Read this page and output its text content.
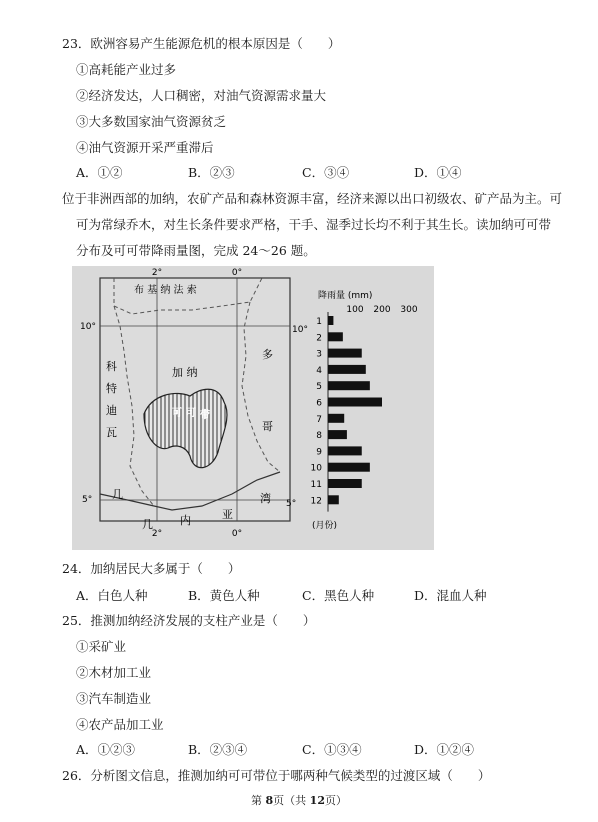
23．欧洲容易产生能源危机的根本原因是（　　）
①高耗能产业过多
②经济发达，人口稠密，对油气资源需求量大
③大多数国家油气资源贫乏
④油气资源开采严重滞后
A．①②	B．②③	C．③④	D．①④
位于非洲西部的加纳，农矿产品和森林资源丰富，经济来源以出口初级农、矿产品为主。可
可为常绿乔木，对生长条件要求严格，干手、湿季过长均不利于其生长。读加纳可可带
分布及可可带降雨量图，完成 24～26 题。
2°	0°
2°	0°
10°	10°
5°	5°
布 基 纳 法 索
科
特
迪
瓦
多
哥
加 纳
可 可 带
几
几 内	亚
湾
降雨量 (mm)
100 200 300
1
2
3
4
5
6
7
8
9
10
11
12
(月份)
24．加纳居民大多属于（　　）
A．白色人种	B．黄色人种	C．黑色人种	D．混血人种
25．推测加纳经济发展的支柱产业是（　　）
①采矿业
②木材加工业
③汽车制造业
④农产品加工业
A．①②③	B．②③④	C．①③④	D．①②④
26．分析图文信息，推测加纳可可带位于哪两种气候类型的过渡区域（　　）
第 8页（共 12页）
